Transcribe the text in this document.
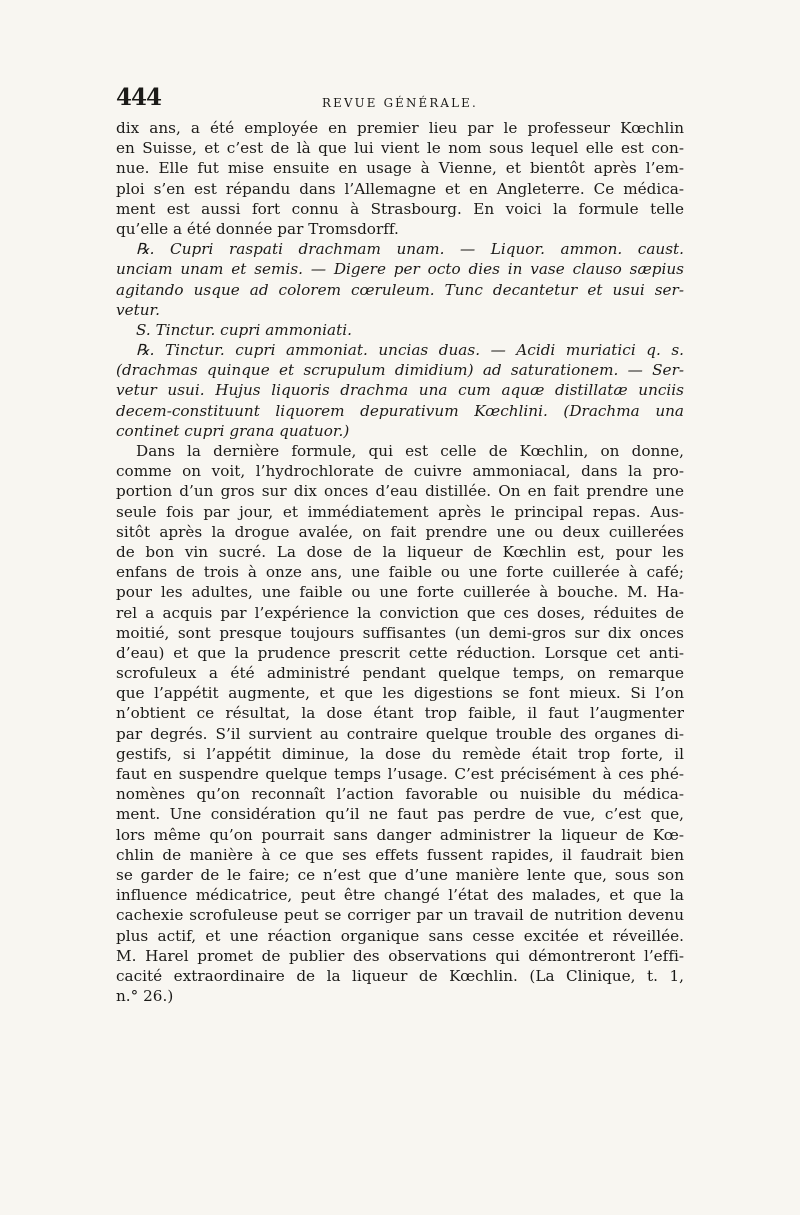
444	REVUE GÉNÉRALE.
dix ans, a été employée en premier lieu par le professeur Kœchlin
en Suisse, et c’est de là que lui vient le nom sous lequel elle est con-
nue. Elle fut mise ensuite en usage à Vienne, et bientôt après l’em-
ploi s’en est répandu dans l’Allemagne et en Angleterre. Ce médica-
ment est aussi fort connu à Strasbourg. En voici la formule telle
qu’elle a été donnée par Tromsdorff.
℞. Cupri raspati drachmam unam. — Liquor. ammon. caust.
unciam unam et semis. — Digere per octo dies in vase clauso sæpius
agitando usque ad colorem cœruleum. Tunc decantetur et usui ser-
vetur.
S. Tinctur. cupri ammoniati.
℞. Tinctur. cupri ammoniat. uncias duas. — Acidi muriatici q. s.
(drachmas quinque et scrupulum dimidium) ad saturationem. — Ser-
vetur usui. Hujus liquoris drachma una cum aquæ distillatæ unciis
decem-constituunt liquorem depurativum Kœchlini. (Drachma una
continet cupri grana quatuor.)
Dans la dernière formule, qui est celle de Kœchlin, on donne,
comme on voit, l’hydrochlorate de cuivre ammoniacal, dans la pro-
portion d’un gros sur dix onces d’eau distillée. On en fait prendre une
seule fois par jour, et immédiatement après le principal repas. Aus-
sitôt après la drogue avalée, on fait prendre une ou deux cuillerées
de bon vin sucré. La dose de la liqueur de Kœchlin est, pour les
enfans de trois à onze ans, une faible ou une forte cuillerée à café;
pour les adultes, une faible ou une forte cuillerée à bouche. M. Ha-
rel a acquis par l’expérience la conviction que ces doses, réduites de
moitié, sont presque toujours suffisantes (un demi-gros sur dix onces
d’eau) et que la prudence prescrit cette réduction. Lorsque cet anti-
scrofuleux a été administré pendant quelque temps, on remarque
que l’appétit augmente, et que les digestions se font mieux. Si l’on
n’obtient ce résultat, la dose étant trop faible, il faut l’augmenter
par degrés. S’il survient au contraire quelque trouble des organes di-
gestifs, si l’appétit diminue, la dose du remède était trop forte, il
faut en suspendre quelque temps l’usage. C’est précisément à ces phé-
nomènes qu’on reconnaît l’action favorable ou nuisible du médica-
ment. Une considération qu’il ne faut pas perdre de vue, c’est que,
lors même qu’on pourrait sans danger administrer la liqueur de Kœ-
chlin de manière à ce que ses effets fussent rapides, il faudrait bien
se garder de le faire; ce n’est que d’une manière lente que, sous son
influence médicatrice, peut être changé l’état des malades, et que la
cachexie scrofuleuse peut se corriger par un travail de nutrition devenu
plus actif, et une réaction organique sans cesse excitée et réveillée.
M. Harel promet de publier des observations qui démontreront l’effi-
cacité extraordinaire de la liqueur de Kœchlin. (La Clinique, t. 1,
n.° 26.)
